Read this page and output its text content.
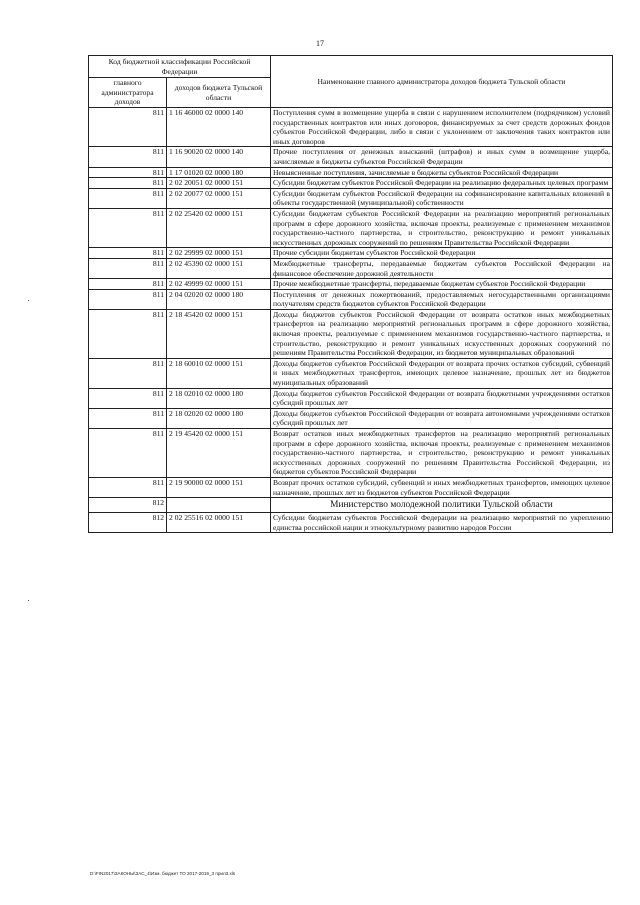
17
Код бюджетной классификации Российской Федерации		Наименование главного администратора доходов бюджета Тульской области
главного администратора доходов	доходов бюджета Тульской области	
811	1 16 46000 02 0000 140	Поступления сумм в возмещение ущерба в связи с нарушением исполнителем (подрядчиком) условий государственных контрактов или иных договоров, финансируемых за счет средств дорожных фондов субъектов Российской Федерации, либо в связи с уклонением от заключения таких контрактов или иных договоров
811	1 16 90020 02 0000 140	Прочие поступления от денежных взысканий (штрафов) и иных сумм в возмещение ущерба, зачисляемые в бюджеты субъектов Российской Федерации
811	1 17 01020 02 0000 180	Невыясненные поступления, зачисляемые в бюджеты субъектов Российской Федерации
811	2 02 20051 02 0000 151	Субсидии бюджетам субъектов Российской Федерации на реализацию федеральных целевых программ
811	2 02 20077 02 0000 151	Субсидии бюджетам субъектов Российской Федерации на софинансирование капитальных вложений в объекты государственной (муниципальной) собственности
811	2 02 25420 02 0000 151	Субсидии бюджетам субъектов Российской Федерации на реализацию мероприятий региональных программ в сфере дорожного хозяйства, включая проекты, реализуемые с применением механизмов государственно-частного партнерства, и строительство, реконструкцию и ремонт уникальных искусственных дорожных сооружений по решениям Правительства Российской Федерации
811	2 02 29999 02 0000 151	Прочие субсидии бюджетам субъектов Российской Федерации
811	2 02 45390 02 0000 151	Межбюджетные трансферты, передаваемые бюджетам субъектов Российской Федерации на финансовое обеспечение дорожной деятельности
811	2 02 49999 02 0000 151	Прочие межбюджетные трансферты, передаваемые бюджетам субъектов Российской Федерации
811	2 04 02020 02 0000 180	Поступления от денежных пожертвований, предоставляемых негосударственными организациями получателям средств бюджетов субъектов Российской Федерации
811	2 18 45420 02 0000 151	Доходы бюджетов субъектов Российской Федерации от возврата остатков иных межбюджетных трансфертов на реализацию мероприятий региональных программ в сфере дорожного хозяйства, включая проекты, реализуемые с применением механизмов государственно-частного партнерства, и строительство, реконструкцию и ремонт уникальных искусственных дорожных сооружений по решениям Правительства Российской Федерации, из бюджетов муниципальных образований
811	2 18 60010 02 0000 151	Доходы бюджетов субъектов Российской Федерации от возврата прочих остатков субсидий, субвенций и иных межбюджетных трансфертов, имеющих целевое назначение, прошлых лет из бюджетов муниципальных образований
811	2 18 02010 02 0000 180	Доходы бюджетов субъектов Российской Федерации от возврата бюджетными учреждениями остатков субсидий прошлых лет
811	2 18 02020 02 0000 180	Доходы бюджетов субъектов Российской Федерации от возврата автономными учреждениями остатков субсидий прошлых лет
811	2 19 45420 02 0000 151	Возврат остатков иных межбюджетных трансфертов на реализацию мероприятий региональных программ в сфере дорожного хозяйства, включая проекты, реализуемые с применением механизмов государственно-частного партнерства, и строительство, реконструкцию и ремонт уникальных искусственных дорожных сооружений по решениям Правительства Российской Федерации, из бюджетов субъектов Российской Федерации
811	2 19 90000 02 0000 151	Возврат прочих остатков субсидий, субвенций и иных межбюджетных трансфертов, имеющих целевое назначение, прошлых лет из бюджетов субъектов Российской Федерации
812		Министерство молодежной политики Тульской области
812	2 02 25516 02 0000 151	Субсидии бюджетам субъектов Российской Федерации на реализацию мероприятий по укреплению единства российской нации и этнокультурному развитию народов России
D:\FIN2017\ЗАКОНЫ\ЗАС_4\Изм. бюджет ТО 2017-2019_3 прил3.xls
